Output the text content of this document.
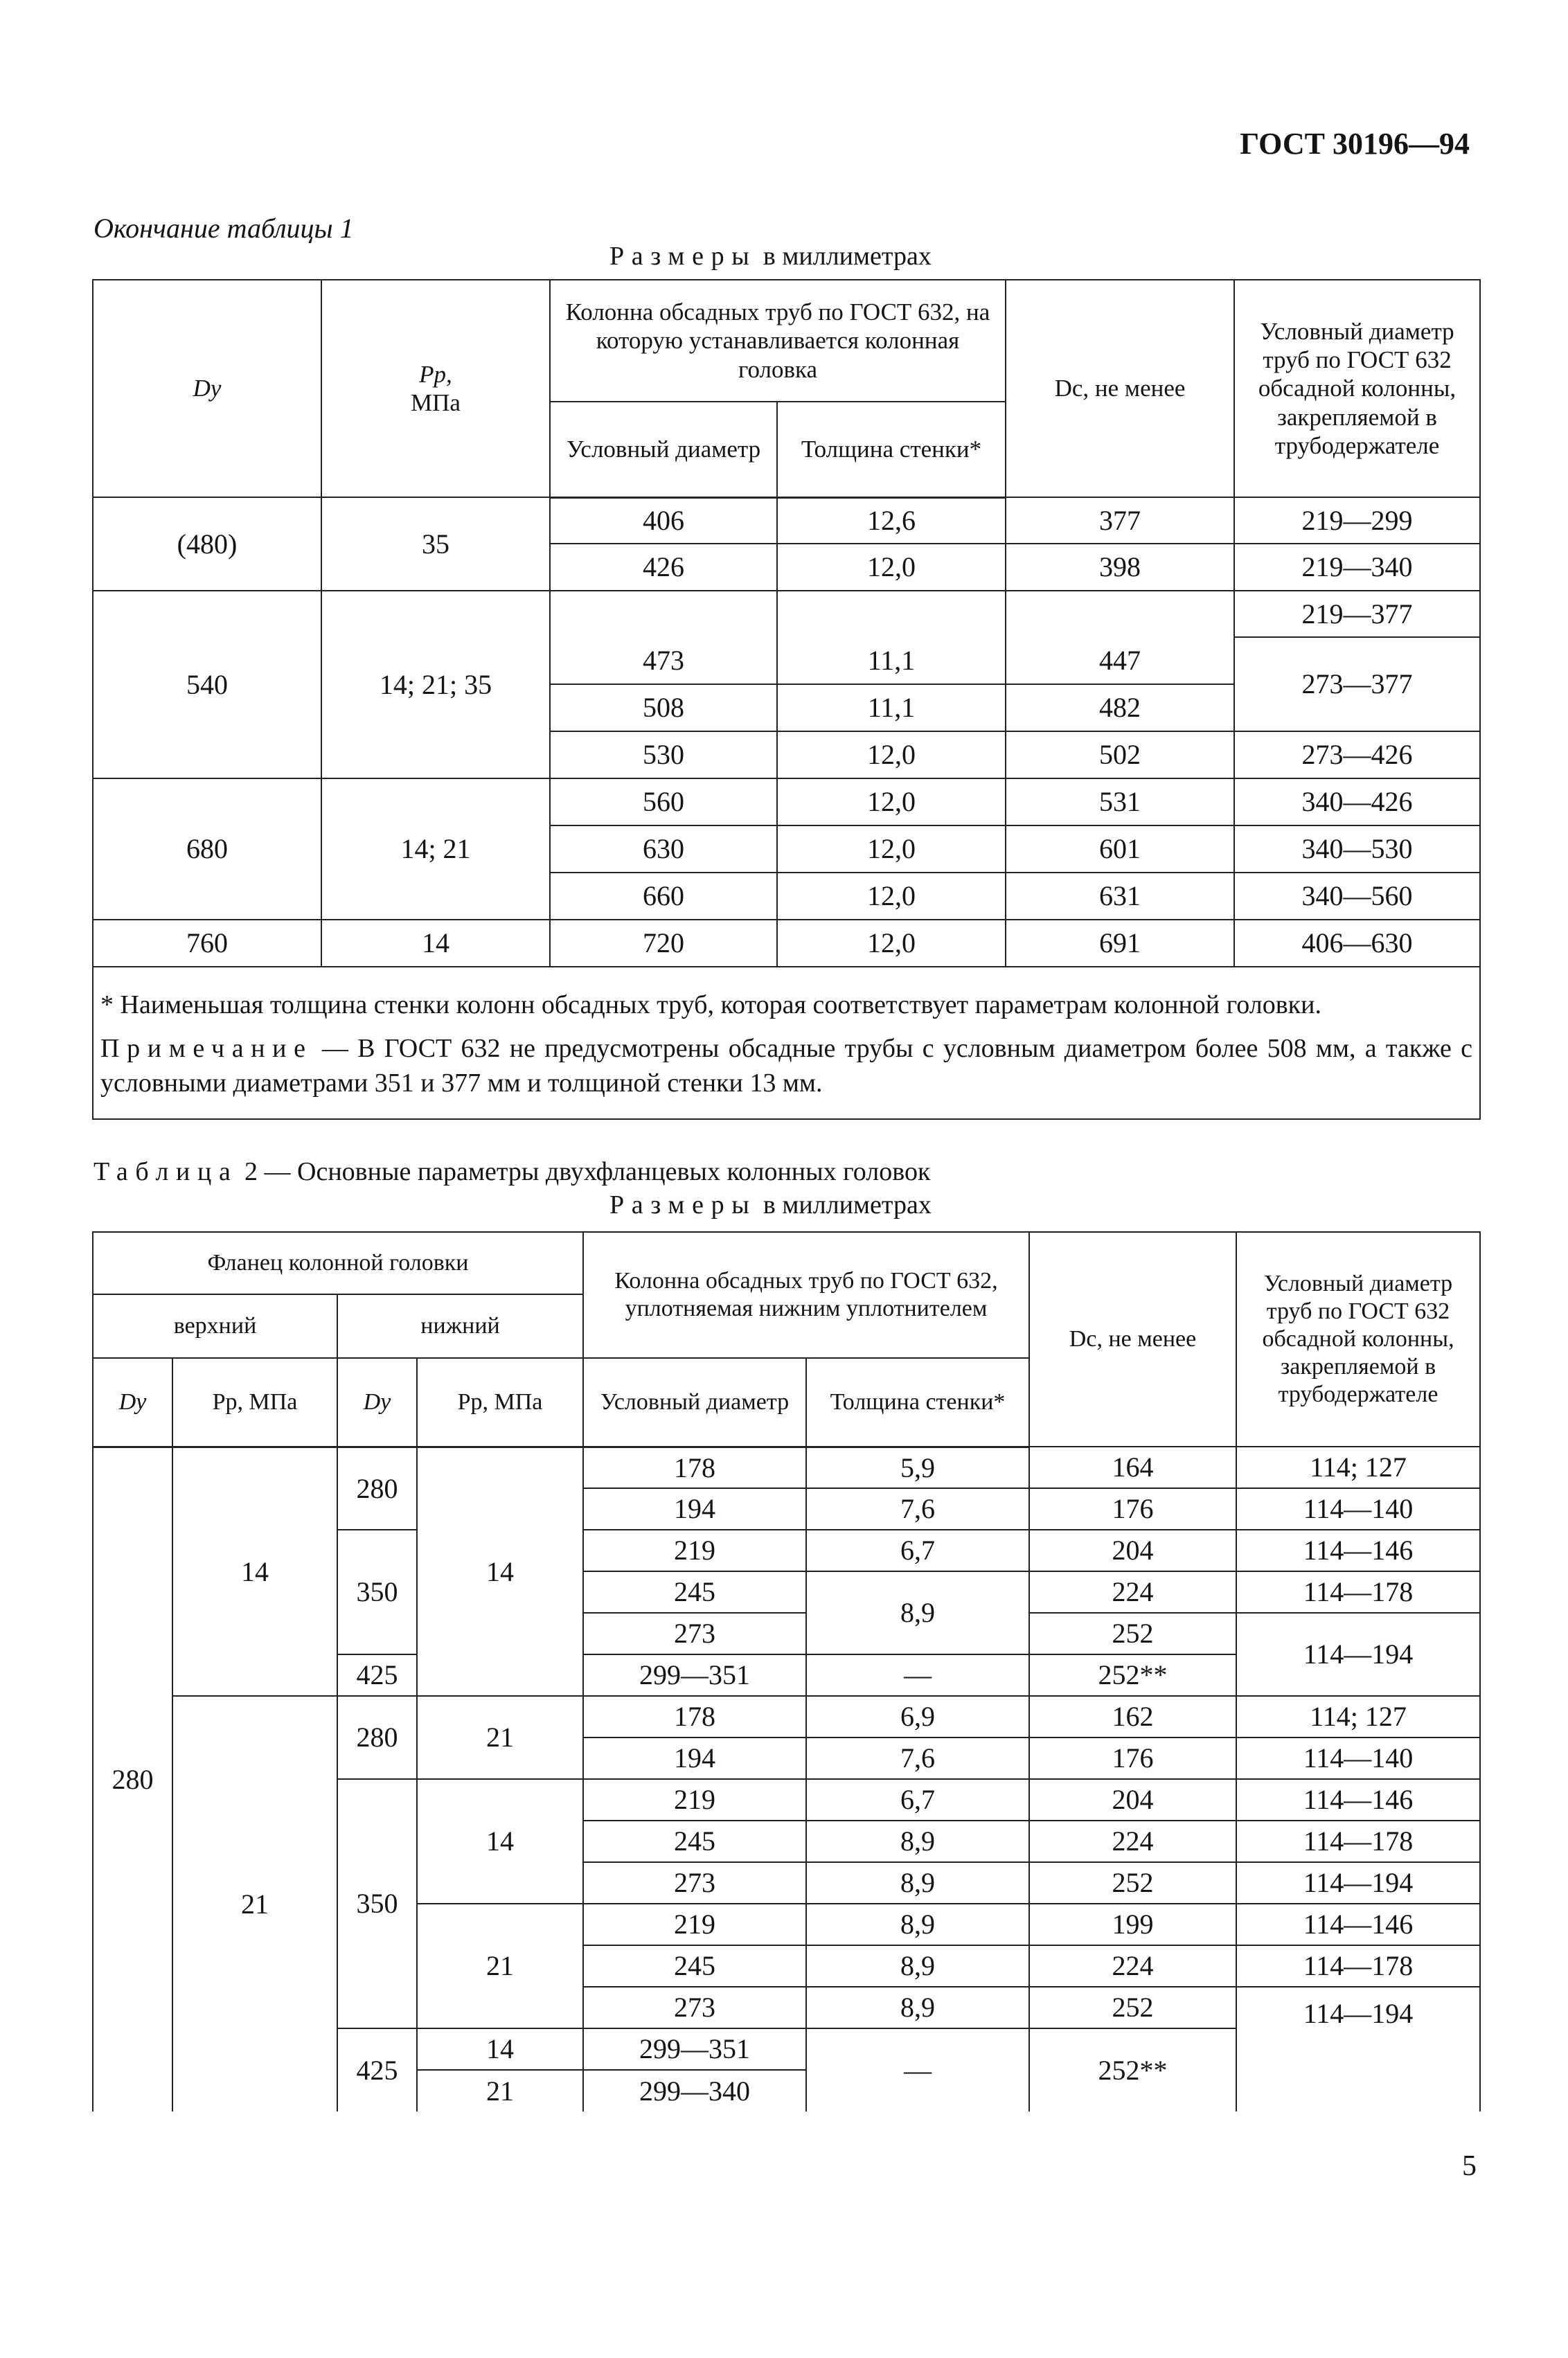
ГОСТ 30196—94
Окончание таблицы 1
Размеры в миллиметрах
Dy	Pр,
МПа	Колонна обсадных труб по ГОСТ 632, на которую устанавливается колонная головка		Dc, не менее	Условный диаметр труб по ГОСТ 632 обсадной колонны, закрепляемой в трубодержателе
		Условный диаметр	Толщина стенки*		
(480)	35	406	12,6	377	219—299
		426	12,0	398	219—340
540	14; 21; 35				219—377
		473	11,1	447	273—377
		508	11,1	482	
		530	12,0	502	273—426
680	14; 21	560	12,0	531	340—426
		630	12,0	601	340—530
		660	12,0	631	340—560
760	14	720	12,0	691	406—630

* Наименьшая толщина стенки колонн обсадных труб, которая соответствует параметрам колонной головки.

Примечание — В ГОСТ 632 не предусмотрены обсадные трубы с условным диаметром более 508 мм, а также с условными диаметрами 351 и 377 мм и толщиной стенки 13 мм.					

Таблица 2 — Основные параметры двухфланцевых колонных головок
Размеры в миллиметрах
Фланец колонной головки				Колонна обсадных труб по ГОСТ 632, уплотняемая нижним уплотнителем		Dc, не менее	Условный диаметр труб по ГОСТ 632 обсадной колонны, закрепляемой в трубодержателе
верхний		нижний					
Dy	Pр, МПа	Dy	Pр, МПа	Условный диаметр	Толщина стенки*		
280	14	280	14	178	5,9	164	114; 127
				194	7,6	176	114—140
		350		219	6,7	204	114—146
				245	8,9	224	114—178
				273		252	114—194
		425		299—351	—	252**	
	21	280	21	178	6,9	162	114; 127
				194	7,6	176	114—140
		350	14	219	6,7	204	114—146
				245	8,9	224	114—178
				273	8,9	252	114—194
			21	219	8,9	199	114—146
				245	8,9	224	114—178
				273	8,9	252	114—194
		425	14	299—351	—	252**	
			21	299—340			
5
